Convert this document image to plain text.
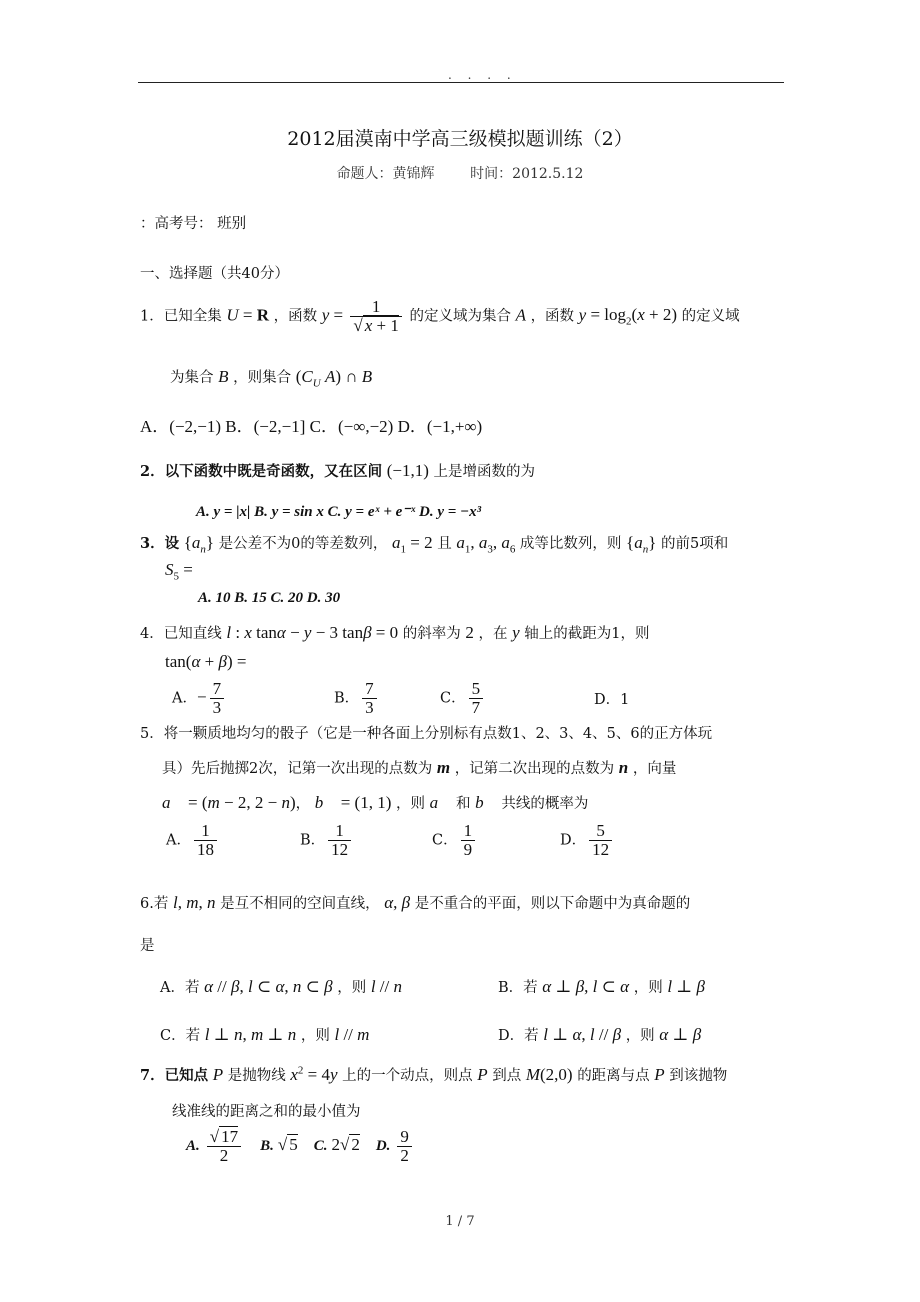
. . . .
2012届漠南中学高三级模拟题训练（2）
命题人：黄锦辉        时间：2012.5.12
：高考号： 班别
一、选择题（共40分）
1．已知全集 U = R ，函数 $y = \frac{1}{√ x + 1}$ 的定义域为集合 A ，函数 $y = \log_2(x + 2)$ 的定义域
为集合 B ，则集合 ($C_U$ A) ∩ B
A．(−2,−1) B．(−2,−1] C．(−∞,−2) D．(−1,+∞)
2．以下函数中既是奇函数，又在区间 (−1,1) 上是增函数的为
A. y = |x| B. y = sin x C. y = eˣ + e⁻ˣ D. y = −x³
3．设 $\{a_n\}$ 是公差不为0的等差数列， $a_1 = 2$ 且 $a_1$, $a_3$, $a_6$ 成等比数列，则 $\{a_n\}$ 的前5项和
$S_5$ =
A. 10 B. 15 C. 20 D. 30
4．已知直线 l : x tanα − y − 3 tanβ = 0 的斜率为 2 ，在 y 轴上的截距为1，则
tan(α + β) =
A．− $\frac{7}{3}$	B． $\frac{7}{3}$	C． $\frac{5}{7}$	D．1
5．将一颗质地均匀的骰子（它是一种各面上分别标有点数1、2、3、4、5、6的正方体玩
具）先后抛掷2次，记第一次出现的点数为 m ，记第二次出现的点数为 n ，向量
a⃗ = (m − 2, 2 − n)， b⃗ = (1, 1) ，则 a⃗ 和 b⃗ 共线的概率为
A． $\frac{1}{18}$	B． $\frac{1}{12}$	C． $\frac{1}{9}$	D． $\frac{5}{12}$
6.若 l, m, n 是互不相同的空间直线， α, β 是不重合的平面，则以下命题中为真命题的
是
A．若 α // β, l ⊂ α, n ⊂ β ，则 l // n	B．若 α ⊥ β, l ⊂ α ，则 l ⊥ β
C．若 l ⊥ n, m ⊥ n ，则 l // m	D．若 l ⊥ α, l // β ，则 α ⊥ β
7．已知点 P 是抛物线 $x^2 = 4y$ 上的一个动点，则点 P 到点 M(2,0) 的距离与点 P 到该抛物
线准线的距离之和的最小值为
A. $\frac{√ 17}{2} B$. √ 5 C. 2√ 2 D. $\frac{9}{2}$
1 / 7
